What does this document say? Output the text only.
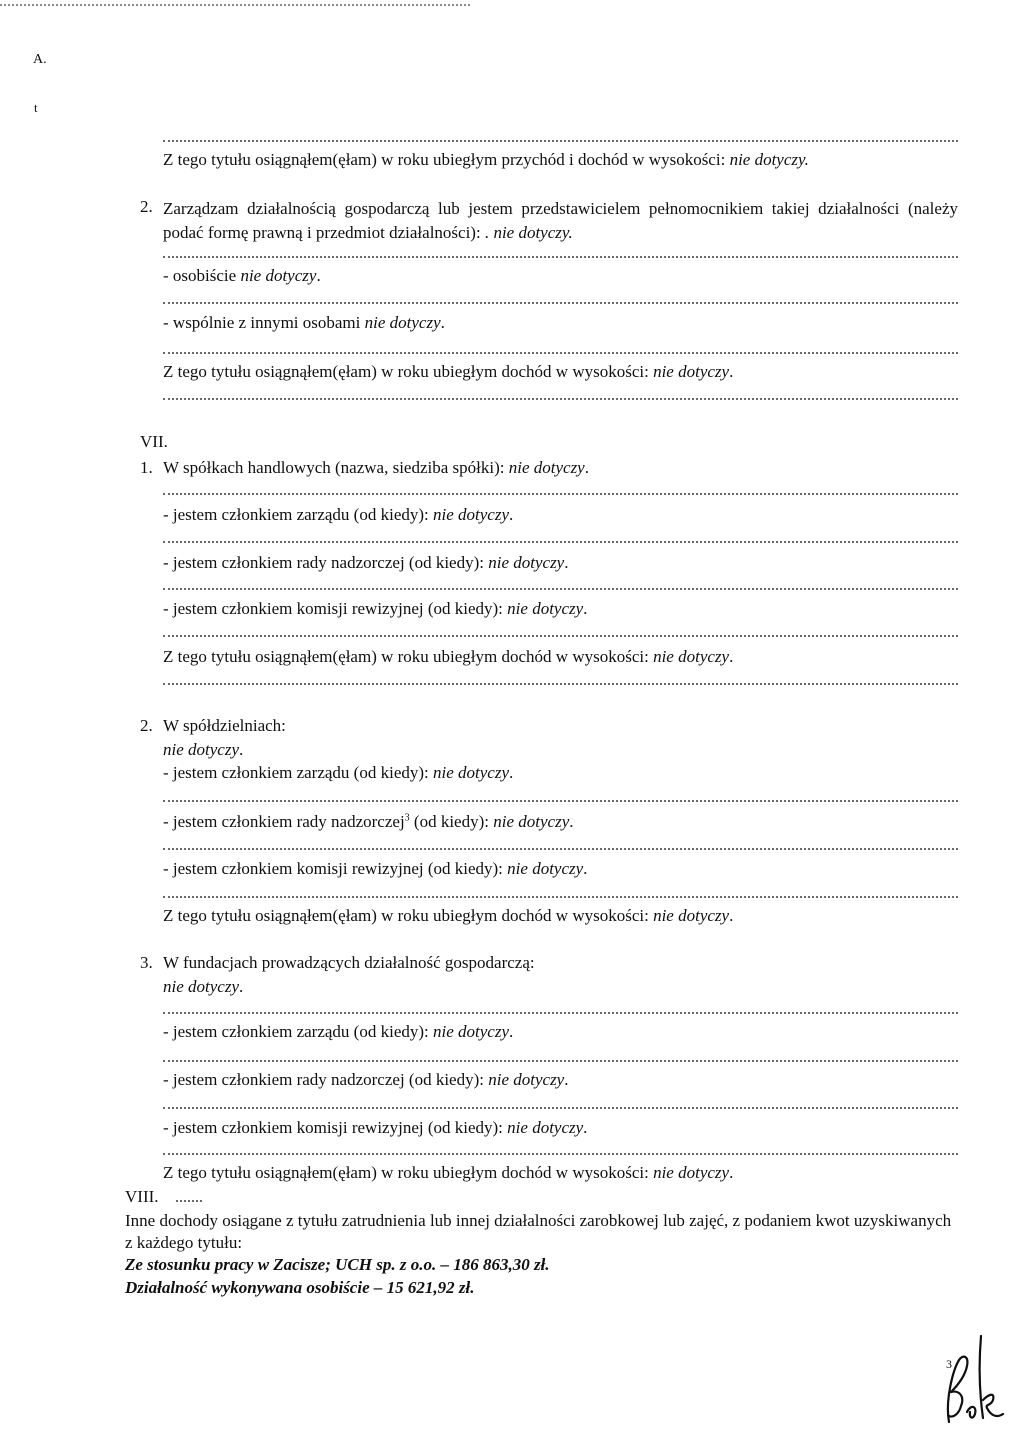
A.
t
Z tego tytułu osiągnąłem(ęłam) w roku ubiegłym przychód i dochód w wysokości: nie dotyczy.
2. Zarządzam działalnością gospodarczą lub jestem przedstawicielem pełnomocnikiem takiej działalności (należy podać formę prawną i przedmiot działalności): . nie dotyczy.
- osobiście nie dotyczy.
- wspólnie z innymi osobami nie dotyczy.
Z tego tytułu osiągnąłem(ęłam) w roku ubiegłym dochód w wysokości: nie dotyczy.
VII.
1. W spółkach handlowych (nazwa, siedziba spółki): nie dotyczy.
- jestem członkiem zarządu (od kiedy): nie dotyczy.
- jestem członkiem rady nadzorczej (od kiedy): nie dotyczy.
- jestem członkiem komisji rewizyjnej (od kiedy): nie dotyczy.
Z tego tytułu osiągnąłem(ęłam) w roku ubiegłym dochód w wysokości: nie dotyczy.
2. W spółdzielniach:
nie dotyczy.
- jestem członkiem zarządu (od kiedy): nie dotyczy.
- jestem członkiem rady nadzorczej$^3$ (od kiedy): nie dotyczy.
- jestem członkiem komisji rewizyjnej (od kiedy): nie dotyczy.
Z tego tytułu osiągnąłem(ęłam) w roku ubiegłym dochód w wysokości: nie dotyczy.
3. W fundacjach prowadzących działalność gospodarczą:
nie dotyczy.
- jestem członkiem zarządu (od kiedy): nie dotyczy.
- jestem członkiem rady nadzorczej (od kiedy): nie dotyczy.
- jestem członkiem komisji rewizyjnej (od kiedy): nie dotyczy.
Z tego tytułu osiągnąłem(ęłam) w roku ubiegłym dochód w wysokości: nie dotyczy.
VIII.
Inne dochody osiągane z tytułu zatrudnienia lub innej działalności zarobkowej lub zajęć, z podaniem kwot uzyskiwanych z każdego tytułu:
Ze stosunku pracy w Zacisze; UCH sp. z o.o. – 186 863,30 zł.
Działalność wykonywana osobiście – 15 621,92 zł.
3
